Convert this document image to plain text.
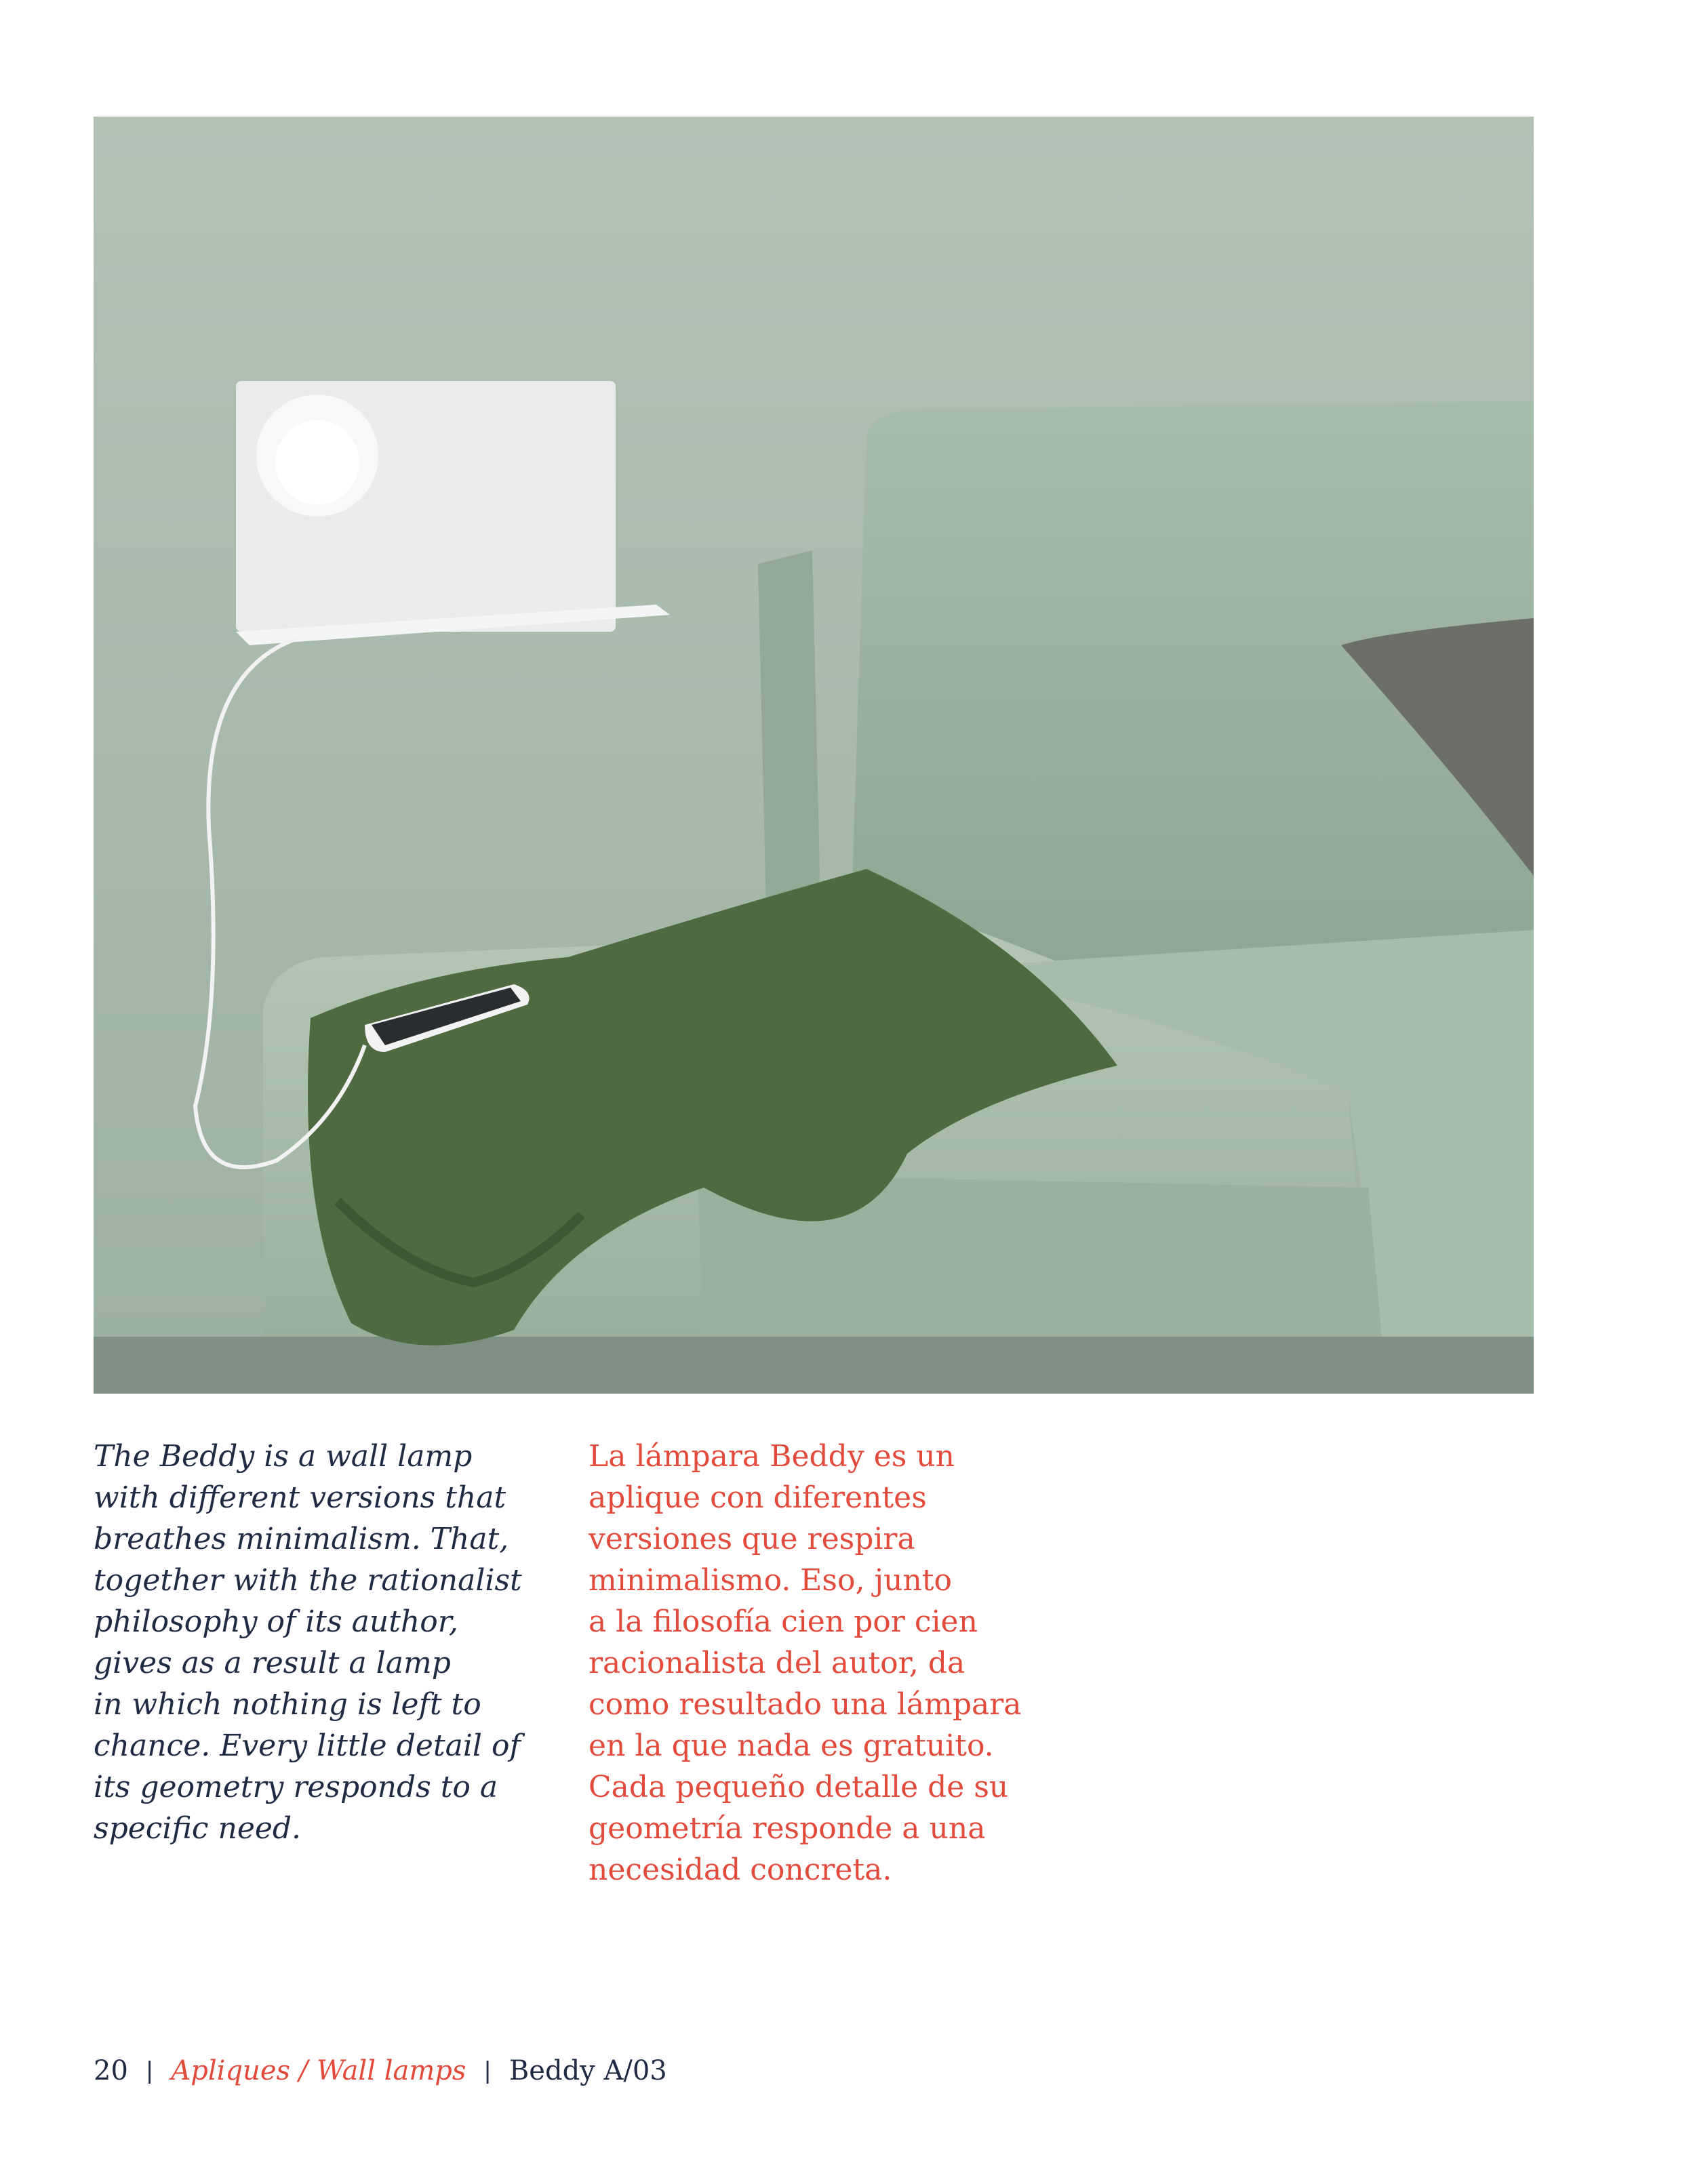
The Beddy is a wall lamp
with different versions that
breathes minimalism. That,
together with the rationalist
philosophy of its author,
gives as a result a lamp
in which nothing is left to
chance. Every little detail of
its geometry responds to a
specific need.
La lámpara Beddy es un
aplique con diferentes
versiones que respira
minimalismo. Eso, junto
a la filosofía cien por cien
racionalista del autor, da
como resultado una lámpara
en la que nada es gratuito.
Cada pequeño detalle de su
geometría responde a una
necesidad concreta.
20 | Apliques / Wall lamps | Beddy A/03
